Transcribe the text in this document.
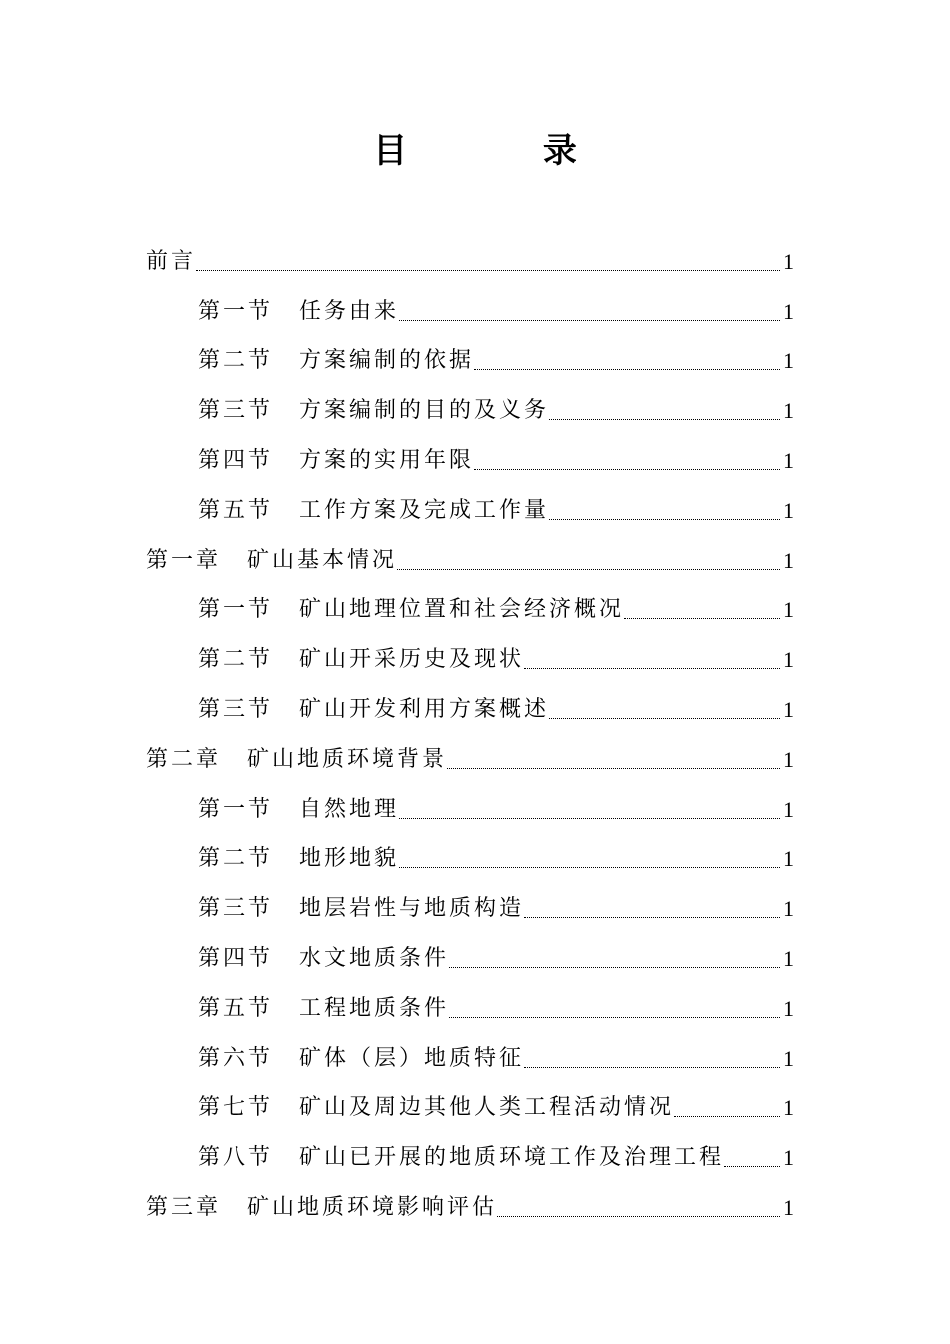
目 录
前言	1
第一节 任务由来	1
第二节 方案编制的依据	1
第三节 方案编制的目的及义务	1
第四节 方案的实用年限	1
第五节 工作方案及完成工作量	1
第一章 矿山基本情况	1
第一节 矿山地理位置和社会经济概况	1
第二节 矿山开采历史及现状	1
第三节 矿山开发利用方案概述	1
第二章 矿山地质环境背景	1
第一节 自然地理	1
第二节 地形地貌	1
第三节 地层岩性与地质构造	1
第四节 水文地质条件	1
第五节 工程地质条件	1
第六节 矿体（层）地质特征	1
第七节 矿山及周边其他人类工程活动情况	1
第八节 矿山已开展的地质环境工作及治理工程	1
第三章 矿山地质环境影响评估	1
